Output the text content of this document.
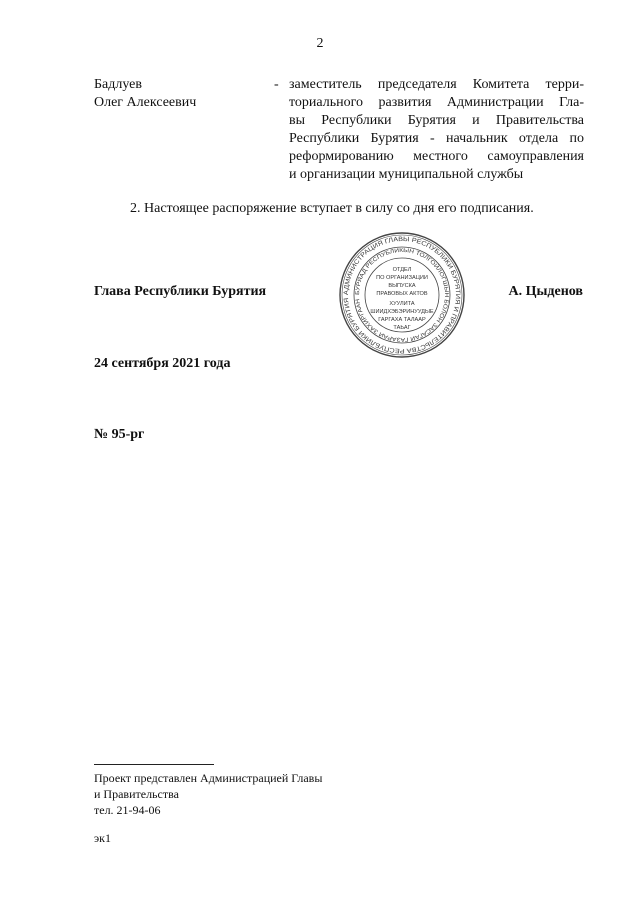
2
Бадлуев
Олег Алексеевич
- заместитель председателя Комитета терри-
ториального развития Администрации Гла-
вы Республики Бурятия и Правительства
Республики Бурятия - начальник отдела по
реформированию местного самоуправления
и организации муниципальной службы
2. Настоящее распоряжение вступает в силу со дня его подписания.
Глава Республики Бурятия	А. Цыденов
АДМИНИСТРАЦИЯ ГЛАВЫ РЕСПУБЛИКИ БУРЯТИЯ И ПРАВИТЕЛЬСТВА РЕСПУБЛИКИ БУРЯТИЯ
БУРЯАД РЕСПУБЛИКЫН ТОЛГОЙЛОГШЫН БОЛОН ЗАСАГАЙ ГАЗАРАЙ ЗАХИРГААН
ОТДЕЛ
ПО ОРГАНИЗАЦИИ
ВЫПУСКА
ПРАВОВЫХ АКТОВ
ХУУЛИТА
ШИИДХЭБЭРИНУУДЫЕ
ГАРГАХА ТАЛААР
ТАЬАГ
24 сентября 2021 года
№ 95-рг
Проект представлен Администрацией Главы
и Правительства
тел. 21-94-06
эк1
